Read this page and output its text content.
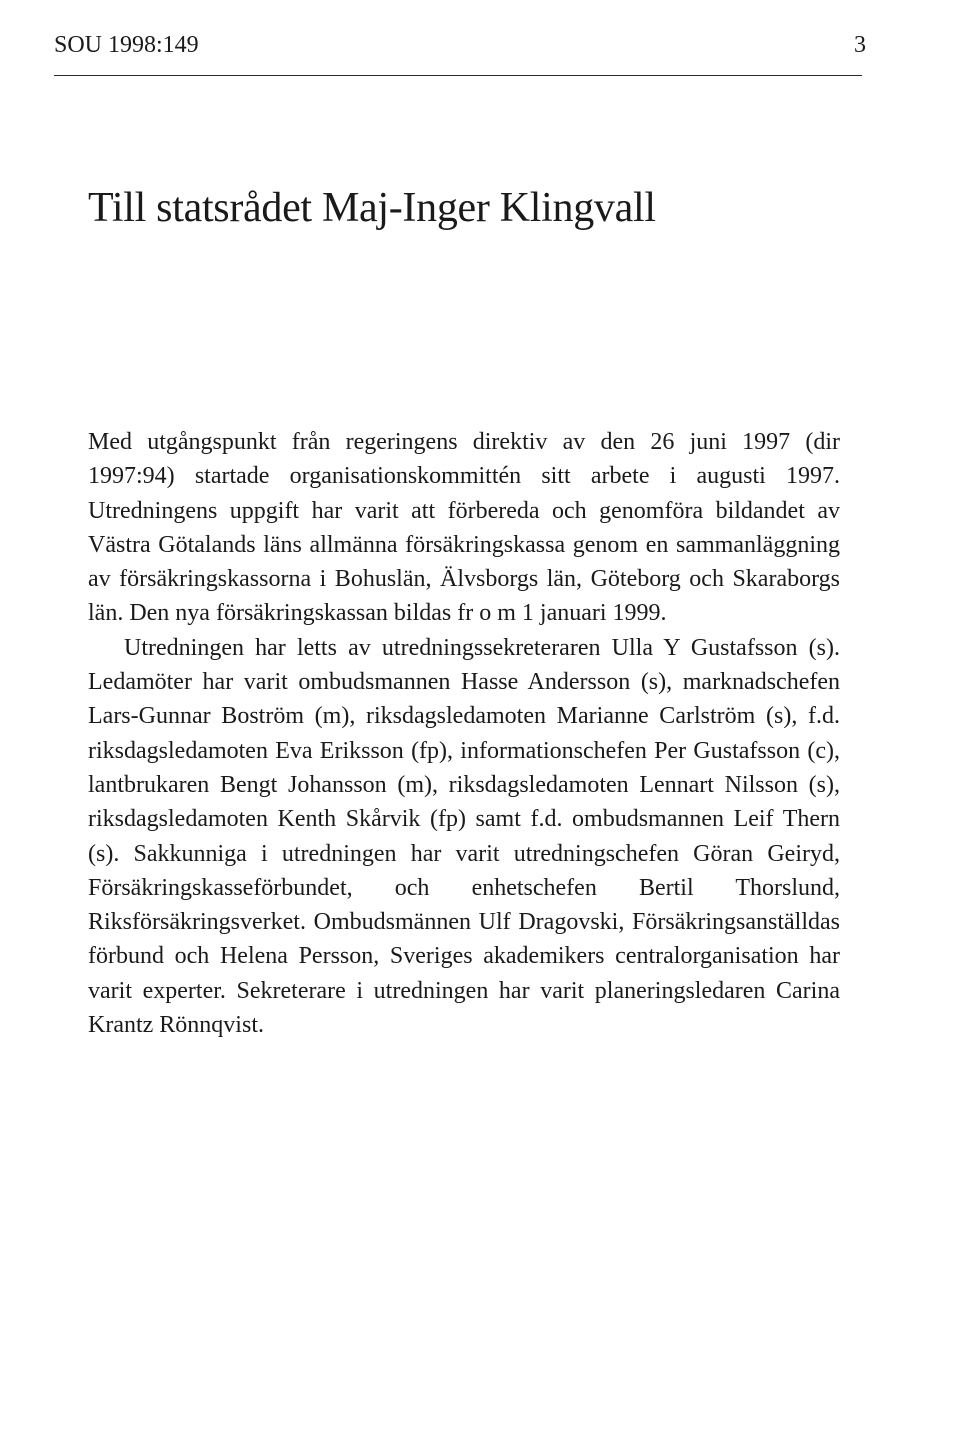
SOU 1998:149	3
Till statsrådet Maj-Inger Klingvall

Med utgångspunkt från regeringens direktiv av den 26 juni 1997 (dir 1997:94) startade organisationskommittén sitt arbete i augusti 1997. Utredningens uppgift har varit att förbereda och genomföra bildandet av Västra Götalands läns allmänna försäkringskassa genom en sammanläggning av försäkringskassorna i Bohuslän, Älvsborgs län, Göteborg och Skaraborgs län. Den nya försäkringskassan bildas fr o m 1 januari 1999.

Utredningen har letts av utredningssekreteraren Ulla Y Gustafsson (s). Ledamöter har varit ombudsmannen Hasse Andersson (s), marknadschefen Lars-Gunnar Boström (m), riksdagsledamoten Marianne Carlström (s), f.d. riksdagsledamoten Eva Eriksson (fp), informationschefen Per Gustafsson (c), lantbrukaren Bengt Johansson (m), riksdagsledamoten Lennart Nilsson (s), riksdagsledamoten Kenth Skårvik (fp) samt f.d. ombudsmannen Leif Thern (s). Sakkunniga i utredningen har varit utredningschefen Göran Geiryd, Försäkringskasseförbundet, och enhetschefen Bertil Thorslund, Riksförsäkringsverket. Ombudsmännen Ulf Dragovski, Försäkringsanställdas förbund och Helena Persson, Sveriges akademikers centralorganisation har varit experter. Sekreterare i utredningen har varit planeringsledaren Carina Krantz Rönnqvist.
